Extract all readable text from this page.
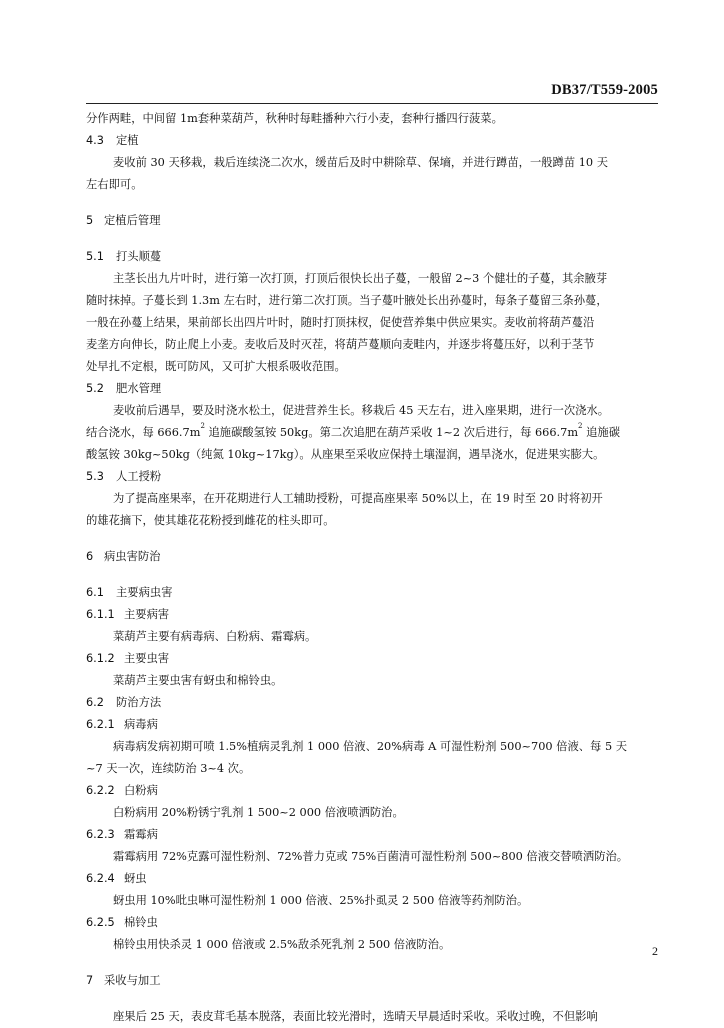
DB37/T559-2005
分作两畦，中间留 1m套种菜葫芦，秋种时每畦播种六行小麦，套种行播四行菠菜。
4.3 定植
麦收前 30 天移栽，栽后连续浇二次水，缓苗后及时中耕除草、保墒，并进行蹲苗，一般蹲苗 10 天
左右即可。
5 定植后管理
5.1 打头顺蔓
主茎长出九片叶时，进行第一次打顶，打顶后很快长出子蔓，一般留 2~3 个健壮的子蔓，其余腋芽
随时抹掉。子蔓长到 1.3m 左右时，进行第二次打顶。当子蔓叶腋处长出孙蔓时，每条子蔓留三条孙蔓，
一般在孙蔓上结果，果前部长出四片叶时，随时打顶抹杈，促使营养集中供应果实。麦收前将葫芦蔓沿
麦垄方向伸长，防止爬上小麦。麦收后及时灭茬，将葫芦蔓顺向麦畦内，并逐步将蔓压好，以利于茎节
处早扎不定根，既可防风，又可扩大根系吸收范围。
5.2 肥水管理
麦收前后遇旱，要及时浇水松土，促进营养生长。移栽后 45 天左右，进入座果期，进行一次浇水。
结合浇水，每 $666.7m^2$ 追施碳酸氢铵 50kg。第二次追肥在葫芦采收 1~2 次后进行，每 $666.7m^2$ 追施碳
酸氢铵 30kg~50kg（纯氮 10kg~17kg）。从座果至采收应保持土壤湿润，遇旱浇水，促进果实膨大。
5.3 人工授粉
为了提高座果率，在开花期进行人工辅助授粉，可提高座果率 50%以上，在 19 时至 20 时将初开
的雄花摘下，使其雄花花粉授到雌花的柱头即可。
6 病虫害防治
6.1 主要病虫害
6.1.1 主要病害
菜葫芦主要有病毒病、白粉病、霜霉病。
6.1.2 主要虫害
菜葫芦主要虫害有蚜虫和棉铃虫。
6.2 防治方法
6.2.1 病毒病
病毒病发病初期可喷 1.5%植病灵乳剂 1 000 倍液、20%病毒 A 可湿性粉剂 500~700 倍液、每 5 天
~7 天一次，连续防治 3~4 次。
6.2.2 白粉病
白粉病用 20%粉锈宁乳剂 1 500~2 000 倍液喷洒防治。
6.2.3 霜霉病
霜霉病用 72%克露可湿性粉剂、72%普力克或 75%百菌清可湿性粉剂 500~800 倍液交替喷洒防治。
6.2.4 蚜虫
蚜虫用 10%吡虫啉可湿性粉剂 1 000 倍液、25%扑虱灵 2 500 倍液等药剂防治。
6.2.5 棉铃虫
棉铃虫用快杀灵 1 000 倍液或 2.5%敌杀死乳剂 2 500 倍液防治。
7 采收与加工
座果后 25 天，表皮茸毛基本脱落，表面比较光滑时，选晴天早晨适时采收。采收过晚，不但影响
2
